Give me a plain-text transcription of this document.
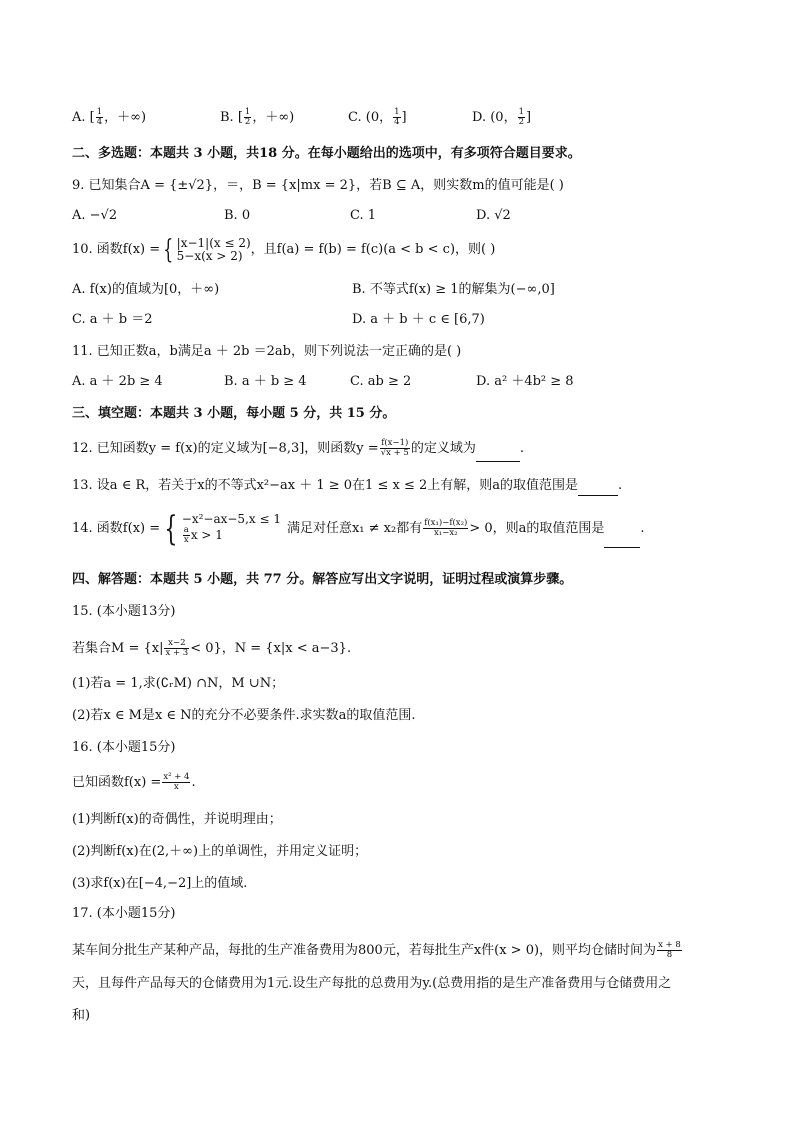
A. [ $\frac{1}{4}$ ，＋∞)	B. [ $\frac{1}{2}$ ，＋∞)	C. (0， $\frac{1}{4}$ ]	D. (0， $\frac{1}{2}$ ]
二、多选题：本题共 3 小题，共18 分。在每小题给出的选项中，有多项符合题目要求。
9. 已知集合A = {±√2}，＝，B = {x|mx = 2}，若B ⊆ A，则实数m的值可能是( )
A. −√2	B. 0	C. 1	D. √2
10. 函数f(x) = { |x−1|(x ≤ 2)
5−x(x > 2) ，且f(a) = f(b) = f(c)(a < b < c)，则( )
A. f(x)的值域为[0，＋∞)	B. 不等式f(x) ≥ 1的解集为(−∞,0]
C. a ＋ b ＝2	D. a ＋ b ＋ c ∈ [6,7)
11. 已知正数a，b满足a ＋ 2b ＝2ab，则下列说法一定正确的是( )
A. a ＋ 2b ≥ 4	B. a ＋ b ≥ 4	C. ab ≥ 2	D. a² ＋4b² ≥ 8
三、填空题：本题共 3 小题，每小题 5 分，共 15 分。
12. 已知函数y = f(x)的定义域为[−8,3]，则函数$y = \frac{f(x-1)}{√x + 5}$ 的定义域为	.
13. 设a ∈ R，若关于x的不等式x²−ax ＋ 1 ≥ 0在1 ≤ x ≤ 2上有解，则a的取值范围是	.
14. 函数f(x) = { −x²−ax−5,x ≤ 1
$\frac{a}{x}$ x > 1	满足对任意x₁ ≠ x₂都有 $\frac{\text{f(x₁)−f(x₂)}}{\text{x₁−x₂}} > 0$，则a的取值范围是	.
四、解答题：本题共 5 小题，共 77 分。解答应写出文字说明，证明过程或演算步骤。
15. (本小题13分)
若集合$M = \{x| \frac{x-2}{x + 3} < 0\}$，N = {x|x < a−3}.
(1)若a = 1,求(∁ᵣM) ∩N，M ∪N；
(2)若x ∈ M是x ∈ N的充分不必要条件.求实数a的取值范围.
16. (本小题15分)
已知函数$f(x) = \frac{\text{x² + 4}}{x}$ .
(1)判断f(x)的奇偶性，并说明理由；
(2)判断f(x)在(2,＋∞)上的单调性，并用定义证明；
(3)求f(x)在[−4,−2]上的值域.
17. (本小题15分)
某车间分批生产某种产品，每批的生产准备费用为800元，若每批生产x件(x > 0)，则平均仓储时间为 $\frac{x + 8}{8}$
天，且每件产品每天的仓储费用为1元.设生产每批的总费用为y.(总费用指的是生产准备费用与仓储费用之
和)
